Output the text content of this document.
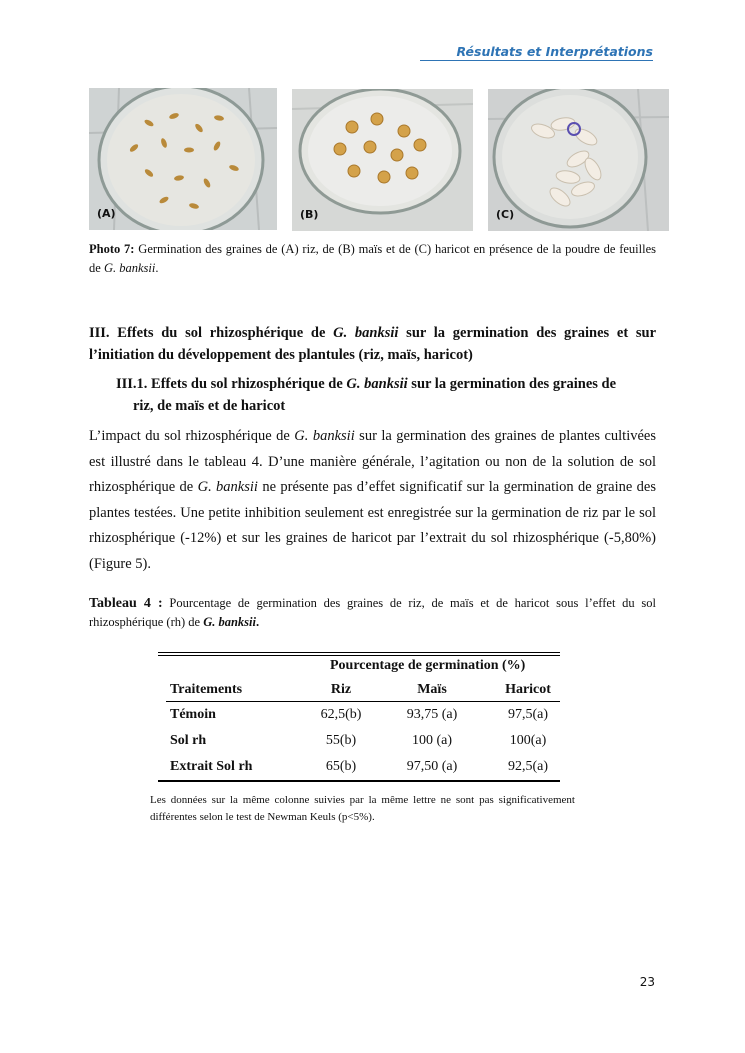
Résultats et Interprétations
(A)	(B)	(C)
Photo 7: Germination des graines de (A) riz, de (B) maïs et de (C) haricot en présence de la poudre de feuilles de G. banksii.
III. Effets du sol rhizosphérique de G. banksii sur la germination des graines et sur l’initiation du développement des plantules (riz, maïs, haricot)
III.1. Effets du sol rhizosphérique de G. banksii sur la germination des graines de
riz, de maïs et de haricot
L’impact du sol rhizosphérique de G. banksii sur la germination des graines de plantes cultivées est illustré dans le tableau 4. D’une manière générale, l’agitation ou non de la solution de sol rhizosphérique de G. banksii ne présente pas d’effet significatif sur la germination de graine des plantes testées. Une petite inhibition seulement est enregistrée sur la germination de riz par le sol rhizosphérique (-12%) et sur les graines de haricot par l’extrait du sol rhizosphérique (-5,80%) (Figure 5).
Tableau 4 : Pourcentage de germination des graines de riz, de maïs et de haricot sous l’effet du sol rhizosphérique (rh) de G. banksii.
Pourcentage de germination (%)
Traitements	Riz	Maïs	Haricot
Témoin	62,5(b)	93,75 (a)	97,5(a)
Sol rh	55(b)	100 (a)	100(a)
Extrait Sol rh	65(b)	97,50 (a)	92,5(a)
Les données sur la même colonne suivies par la même lettre ne sont pas significativement différentes selon le test de Newman Keuls (p<5%).
23
